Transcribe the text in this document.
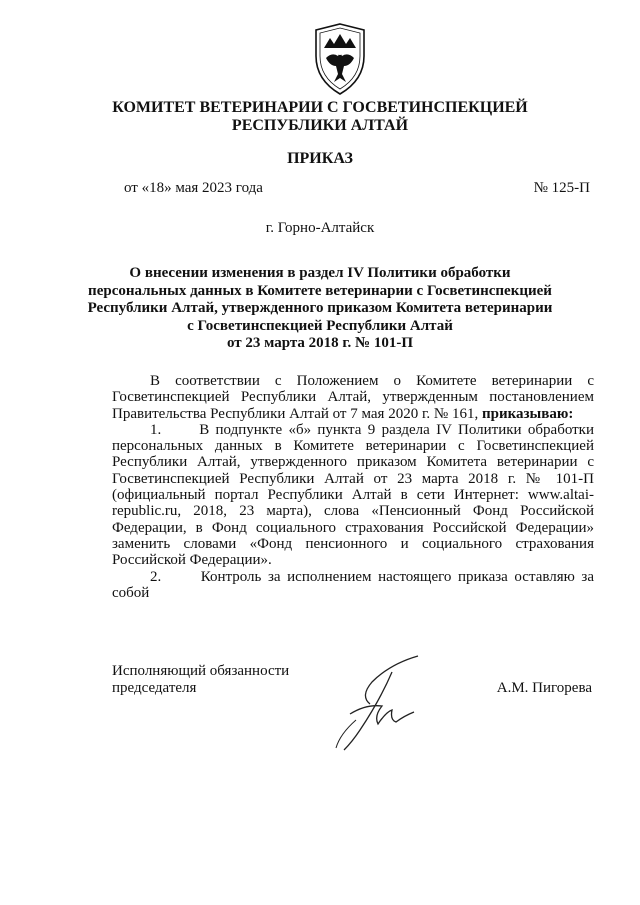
КОМИТЕТ ВЕТЕРИНАРИИ С ГОСВЕТИНСПЕКЦИЕЙ
РЕСПУБЛИКИ АЛТАЙ
ПРИКАЗ
от «18» мая 2023 года	№ 125-П
г. Горно-Алтайск
О внесении изменения в раздел IV Политики обработки
персональных данных в Комитете ветеринарии с Госветинспекцией
Республики Алтай, утвержденного приказом Комитета ветеринарии
с Госветинспекцией Республики Алтай
от 23 марта 2018 г. № 101-П

В соответствии с Положением о Комитете ветеринарии с Госветинспекцией Республики Алтай, утвержденным постановлением Правительства Республики Алтай от 7 мая 2020 г. № 161, приказываю:

1.      В подпункте «б» пункта 9 раздела IV Политики обработки персональных данных в Комитете ветеринарии с Госветинспекцией Республики Алтай, утвержденного приказом Комитета ветеринарии с Госветинспекцией Республики Алтай от 23 марта 2018 г. № 101-П (официальный портал Республики Алтай в сети Интернет: www.altai-republic.ru, 2018, 23 марта), слова «Пенсионный Фонд Российской Федерации, в Фонд социального страхования Российской Федерации» заменить словами «Фонд пенсионного и социального страхования Российской Федерации».

2.      Контроль за исполнением настоящего приказа оставляю за собой

Исполняющий обязанности
председателя	А.М. Пигорева
